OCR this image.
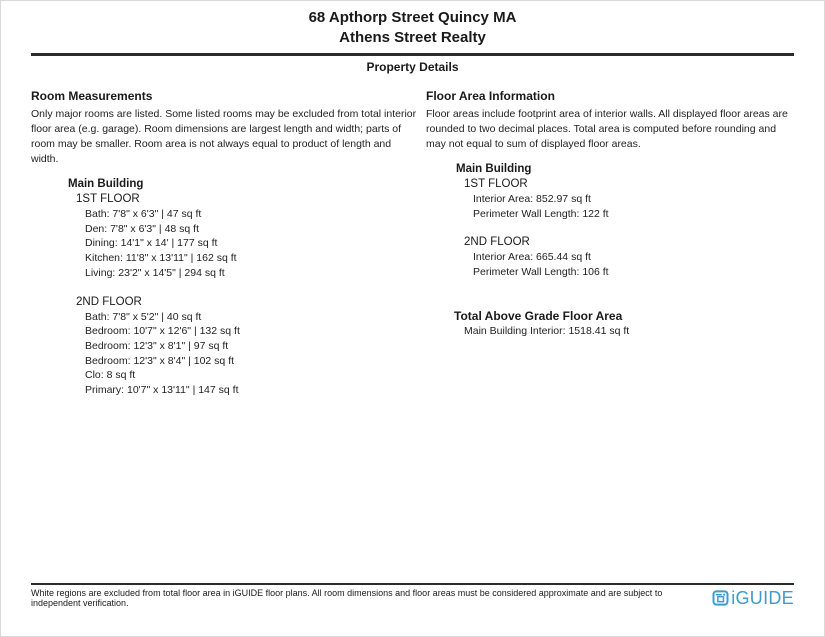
68 Apthorp Street Quincy MA
Athens Street Realty
Property Details
Room Measurements

Only major rooms are listed. Some listed rooms may be excluded from total interior floor area (e.g. garage). Room dimensions are largest length and width; parts of room may be smaller. Room area is not always equal to product of length and width.

Main Building
1ST FLOOR
Bath: 7'8" x 6'3" | 47 sq ft
Den: 7'8" x 6'3" | 48 sq ft
Dining: 14'1" x 14' | 177 sq ft
Kitchen: 11'8" x 13'11" | 162 sq ft
Living: 23'2" x 14'5" | 294 sq ft
2ND FLOOR
Bath: 7'8" x 5'2" | 40 sq ft
Bedroom: 10'7" x 12'6" | 132 sq ft
Bedroom: 12'3" x 8'1" | 97 sq ft
Bedroom: 12'3" x 8'4" | 102 sq ft
Clo: 8 sq ft
Primary: 10'7" x 13'11" | 147 sq ft
Floor Area Information

Floor areas include footprint area of interior walls. All displayed floor areas are rounded to two decimal places. Total area is computed before rounding and may not equal to sum of displayed floor areas.

Main Building
1ST FLOOR
Interior Area: 852.97 sq ft
Perimeter Wall Length: 122 ft
2ND FLOOR
Interior Area: 665.44 sq ft
Perimeter Wall Length: 106 ft
Total Above Grade Floor Area
Main Building Interior: 1518.41 sq ft
White regions are excluded from total floor area in iGUIDE floor plans. All room dimensions and floor areas must be considered approximate and are subject to independent verification.	iGUIDE
